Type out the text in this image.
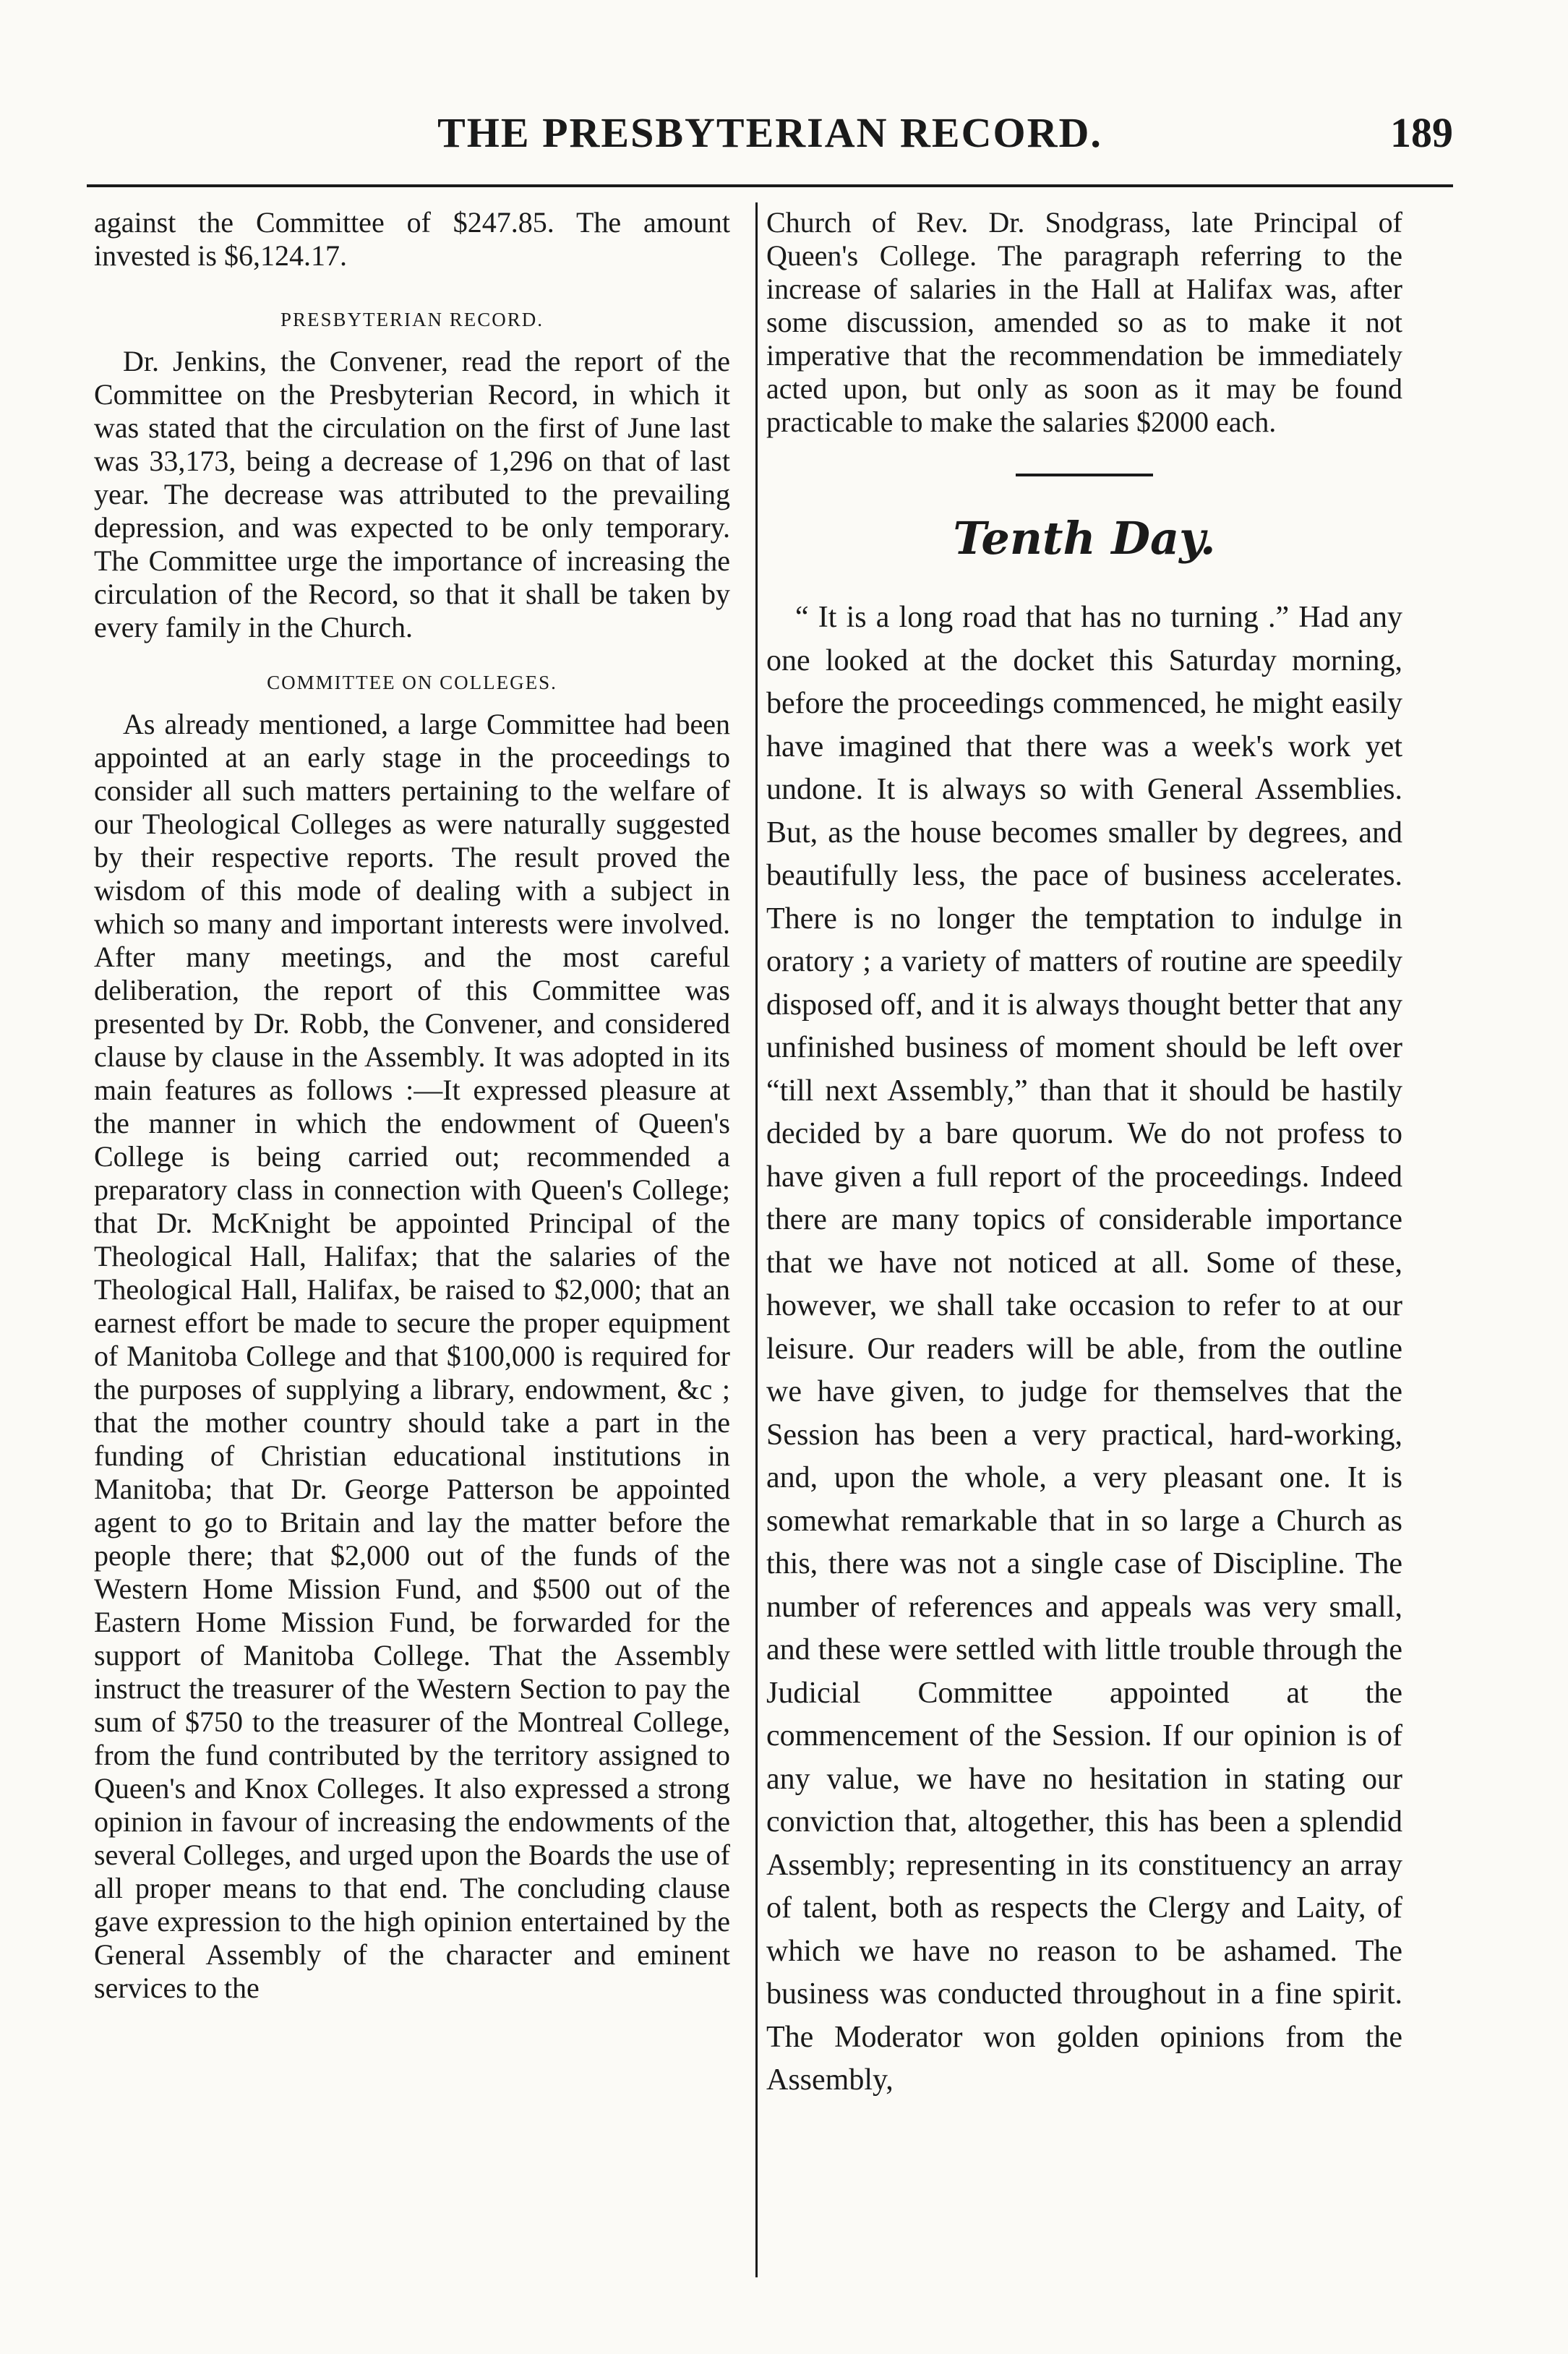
THE PRESBYTERIAN RECORD.	189

against the Committee of $247.85. The amount invested is $6,124.17.

PRESBYTERIAN RECORD.

Dr. Jenkins, the Convener, read the report of the Committee on the Presbyterian Record, in which it was stated that the circulation on the first of June last was 33,173, being a decrease of 1,296 on that of last year. The decrease was attributed to the prevailing depression, and was expected to be only temporary. The Committee urge the importance of increasing the circulation of the Record, so that it shall be taken by every family in the Church.

COMMITTEE ON COLLEGES.

As already mentioned, a large Committee had been appointed at an early stage in the proceedings to consider all such matters pertaining to the welfare of our Theological Colleges as were naturally suggested by their respective reports. The result proved the wisdom of this mode of dealing with a subject in which so many and important interests were involved. After many meetings, and the most careful deliberation, the report of this Committee was presented by Dr. Robb, the Convener, and considered clause by clause in the Assembly. It was adopted in its main features as follows :—It expressed pleasure at the manner in which the endowment of Queen's College is being carried out; recommended a preparatory class in connection with Queen's College; that Dr. McKnight be appointed Principal of the Theological Hall, Halifax; that the salaries of the Theological Hall, Halifax, be raised to $2,000; that an earnest effort be made to secure the proper equipment of Manitoba College and that $100,000 is required for the purposes of supplying a library, endowment, &c ; that the mother country should take a part in the funding of Christian educational institutions in Manitoba; that Dr. George Patterson be appointed agent to go to Britain and lay the matter before the people there; that $2,000 out of the funds of the Western Home Mission Fund, and $500 out of the Eastern Home Mission Fund, be forwarded for the support of Manitoba College. That the Assembly instruct the treasurer of the Western Section to pay the sum of $750 to the treasurer of the Montreal College, from the fund contributed by the territory assigned to Queen's and Knox Colleges. It also expressed a strong opinion in favour of increasing the endowments of the several Colleges, and urged upon the Boards the use of all proper means to that end. The concluding clause gave expression to the high opinion entertained by the General Assembly of the character and eminent services to the

Church of Rev. Dr. Snodgrass, late Principal of Queen's College. The paragraph referring to the increase of salaries in the Hall at Halifax was, after some discussion, amended so as to make it not imperative that the recommendation be immediately acted upon, but only as soon as it may be found practicable to make the salaries $2000 each.

Tenth Day.

“ It is a long road that has no turning .” Had any one looked at the docket this Saturday morning, before the proceedings commenced, he might easily have imagined that there was a week's work yet undone. It is always so with General Assemblies. But, as the house becomes smaller by degrees, and beautifully less, the pace of business accelerates. There is no longer the temptation to indulge in oratory ; a variety of matters of routine are speedily disposed off, and it is always thought better that any unfinished business of moment should be left over “till next Assembly,” than that it should be hastily decided by a bare quorum. We do not profess to have given a full report of the proceedings. Indeed there are many topics of considerable importance that we have not noticed at all. Some of these, however, we shall take occasion to refer to at our leisure. Our readers will be able, from the outline we have given, to judge for themselves that the Session has been a very practical, hard-working, and, upon the whole, a very pleasant one. It is somewhat remarkable that in so large a Church as this, there was not a single case of Discipline. The number of references and appeals was very small, and these were settled with little trouble through the Judicial Committee appointed at the commencement of the Session. If our opinion is of any value, we have no hesitation in stating our conviction that, altogether, this has been a splendid Assembly; representing in its constituency an array of talent, both as respects the Clergy and Laity, of which we have no reason to be ashamed. The business was conducted throughout in a fine spirit. The Moderator won golden opinions from the Assembly,
